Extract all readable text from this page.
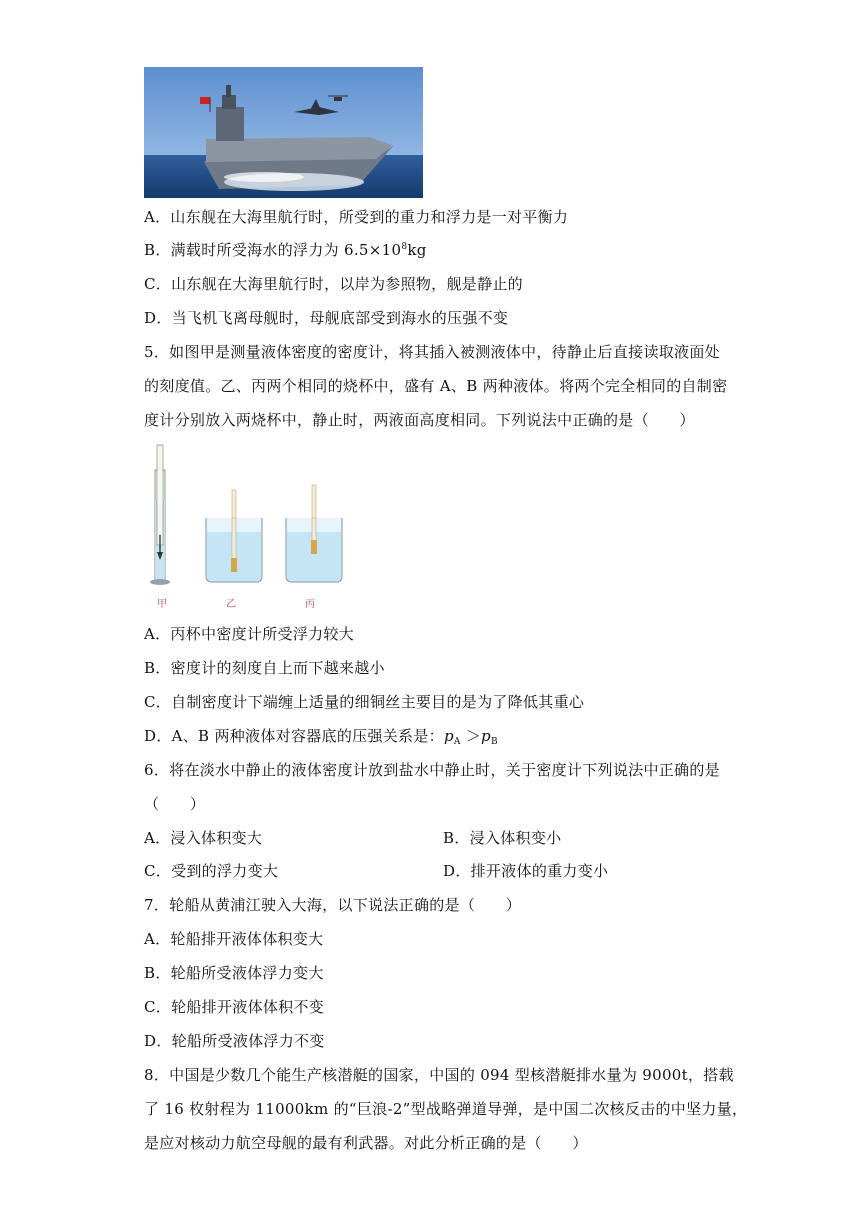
A．山东舰在大海里航行时，所受到的重力和浮力是一对平衡力
B．满载时所受海水的浮力为 $6.5\times 10^8kg$
C．山东舰在大海里航行时，以岸为参照物，舰是静止的
D．当飞机飞离母舰时，母舰底部受到海水的压强不变
5．如图甲是测量液体密度的密度计，将其插入被测液体中，待静止后直接读取液面处
的刻度值。乙、丙两个相同的烧杯中，盛有 A、B 两种液体。将两个完全相同的自制密
度计分别放入两烧杯中，静止时，两液面高度相同。下列说法中正确的是（　　）
甲	乙	丙
A．丙杯中密度计所受浮力较大
B．密度计的刻度自上而下越来越小
C．自制密度计下端缠上适量的细铜丝主要目的是为了降低其重心
D．A、B 两种液体对容器底的压强关系是：$p_A >p_B$
6．将在淡水中静止的液体密度计放到盐水中静止时，关于密度计下列说法中正确的是
（　　）
A．浸入体积变大	B．浸入体积变小
C．受到的浮力变大	D．排开液体的重力变小
7．轮船从黄浦江驶入大海，以下说法正确的是（　　）
A．轮船排开液体体积变大
B．轮船所受液体浮力变大
C．轮船排开液体体积不变
D．轮船所受液体浮力不变
8．中国是少数几个能生产核潜艇的国家，中国的 094 型核潜艇排水量为 9000t，搭载
了 16 枚射程为 11000km 的“巨浪-2”型战略弹道导弹，是中国二次核反击的中坚力量，
是应对核动力航空母舰的最有利武器。对此分析正确的是（　　）
